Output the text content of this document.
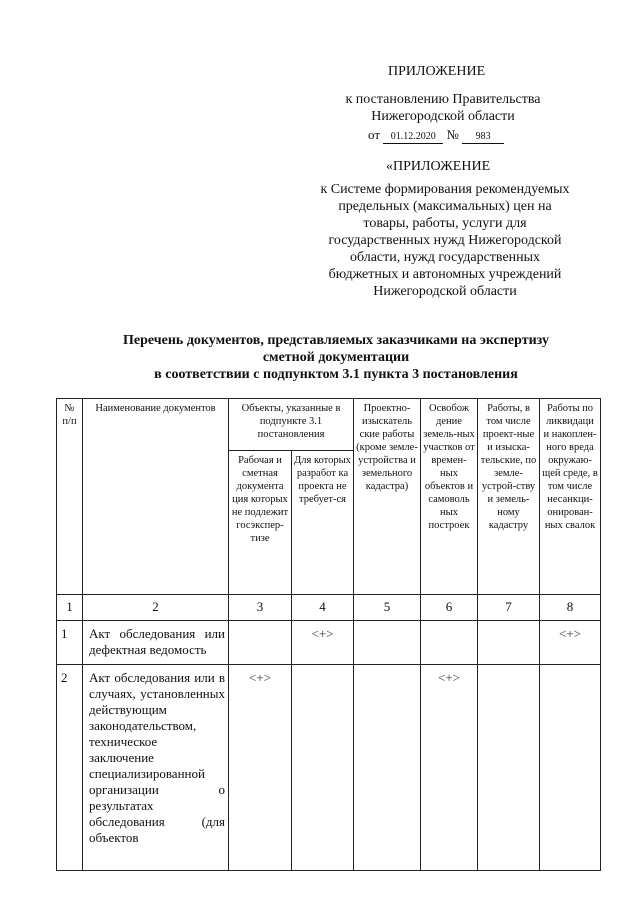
ПРИЛОЖЕНИЕ
к постановлению Правительства
Нижегородской области
от 01.12.2020 № 983
«ПРИЛОЖЕНИЕ
к Системе формирования рекомендуемых
предельных (максимальных) цен на
товары, работы, услуги для
государственных нужд Нижегородской
области, нужд государственных
бюджетных и автономных учреждений
Нижегородской области
Перечень документов, представляемых заказчиками на экспертизу
сметной документации
в соответствии с подпунктом 3.1 пункта 3 постановления
№ п/п	Наименование документов	Объекты, указанные в подпункте 3.1 постановления		Проектно-изыскатель ские работы (кроме земле-устройства и земельного кадастра)	Освобож дение земель-ных участков от времен-ных объектов и самоволь ных построек	Работы, в том числе проект-ные и изыска-тельские, по земле-устрой-ству и земель-ному кадастру	Работы по ликвидаци и накоплен-ного вреда окружаю-щей среде, в том числе несанкци-онирован-ных свалок
		Рабочая и сметная документа ция которых не подлежит госэкспер-тизе	Для которых разработ ка проекта не требует-ся				
1	2	3	4	5	6	7	8
1	Акт обследования или дефектная ведомость		<+>				<+>
2	Акт обследования или в случаях, установленных действующим законодательством, техническое заключение специализированной организации о результатах обследования (для объектов	<+>			<+>		
